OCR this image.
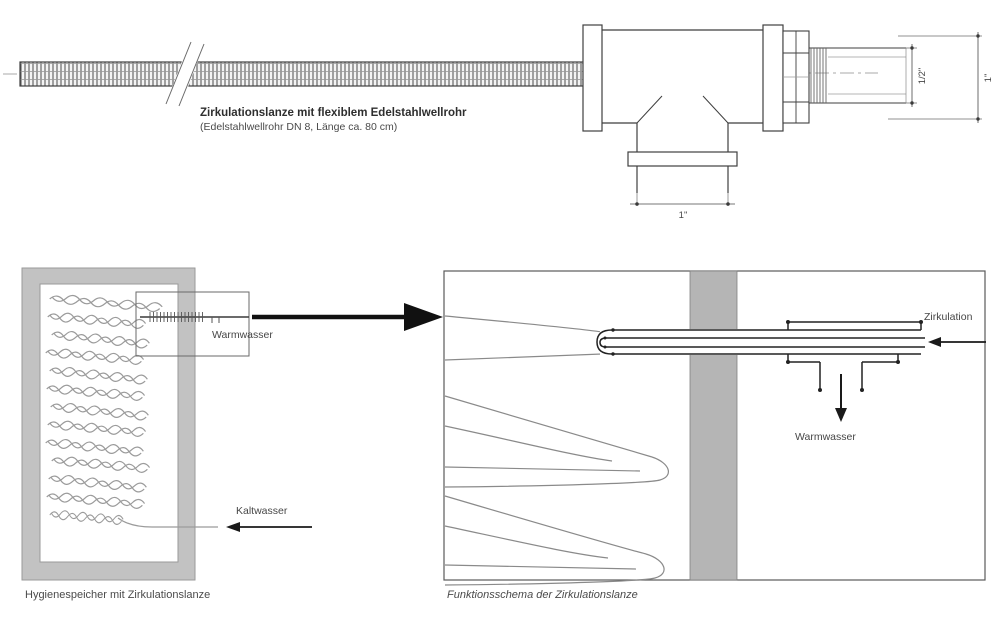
1"
1/2"	1"
Zirkulationslanze mit flexiblem Edelstahlwellrohr
(Edelstahlwellrohr DN 8, Länge ca. 80 cm)
Warmwasser
Kaltwasser
Hygienespeicher mit Zirkulationslanze
Zirkulation
Warmwasser
Funktionsschema der Zirkulationslanze
